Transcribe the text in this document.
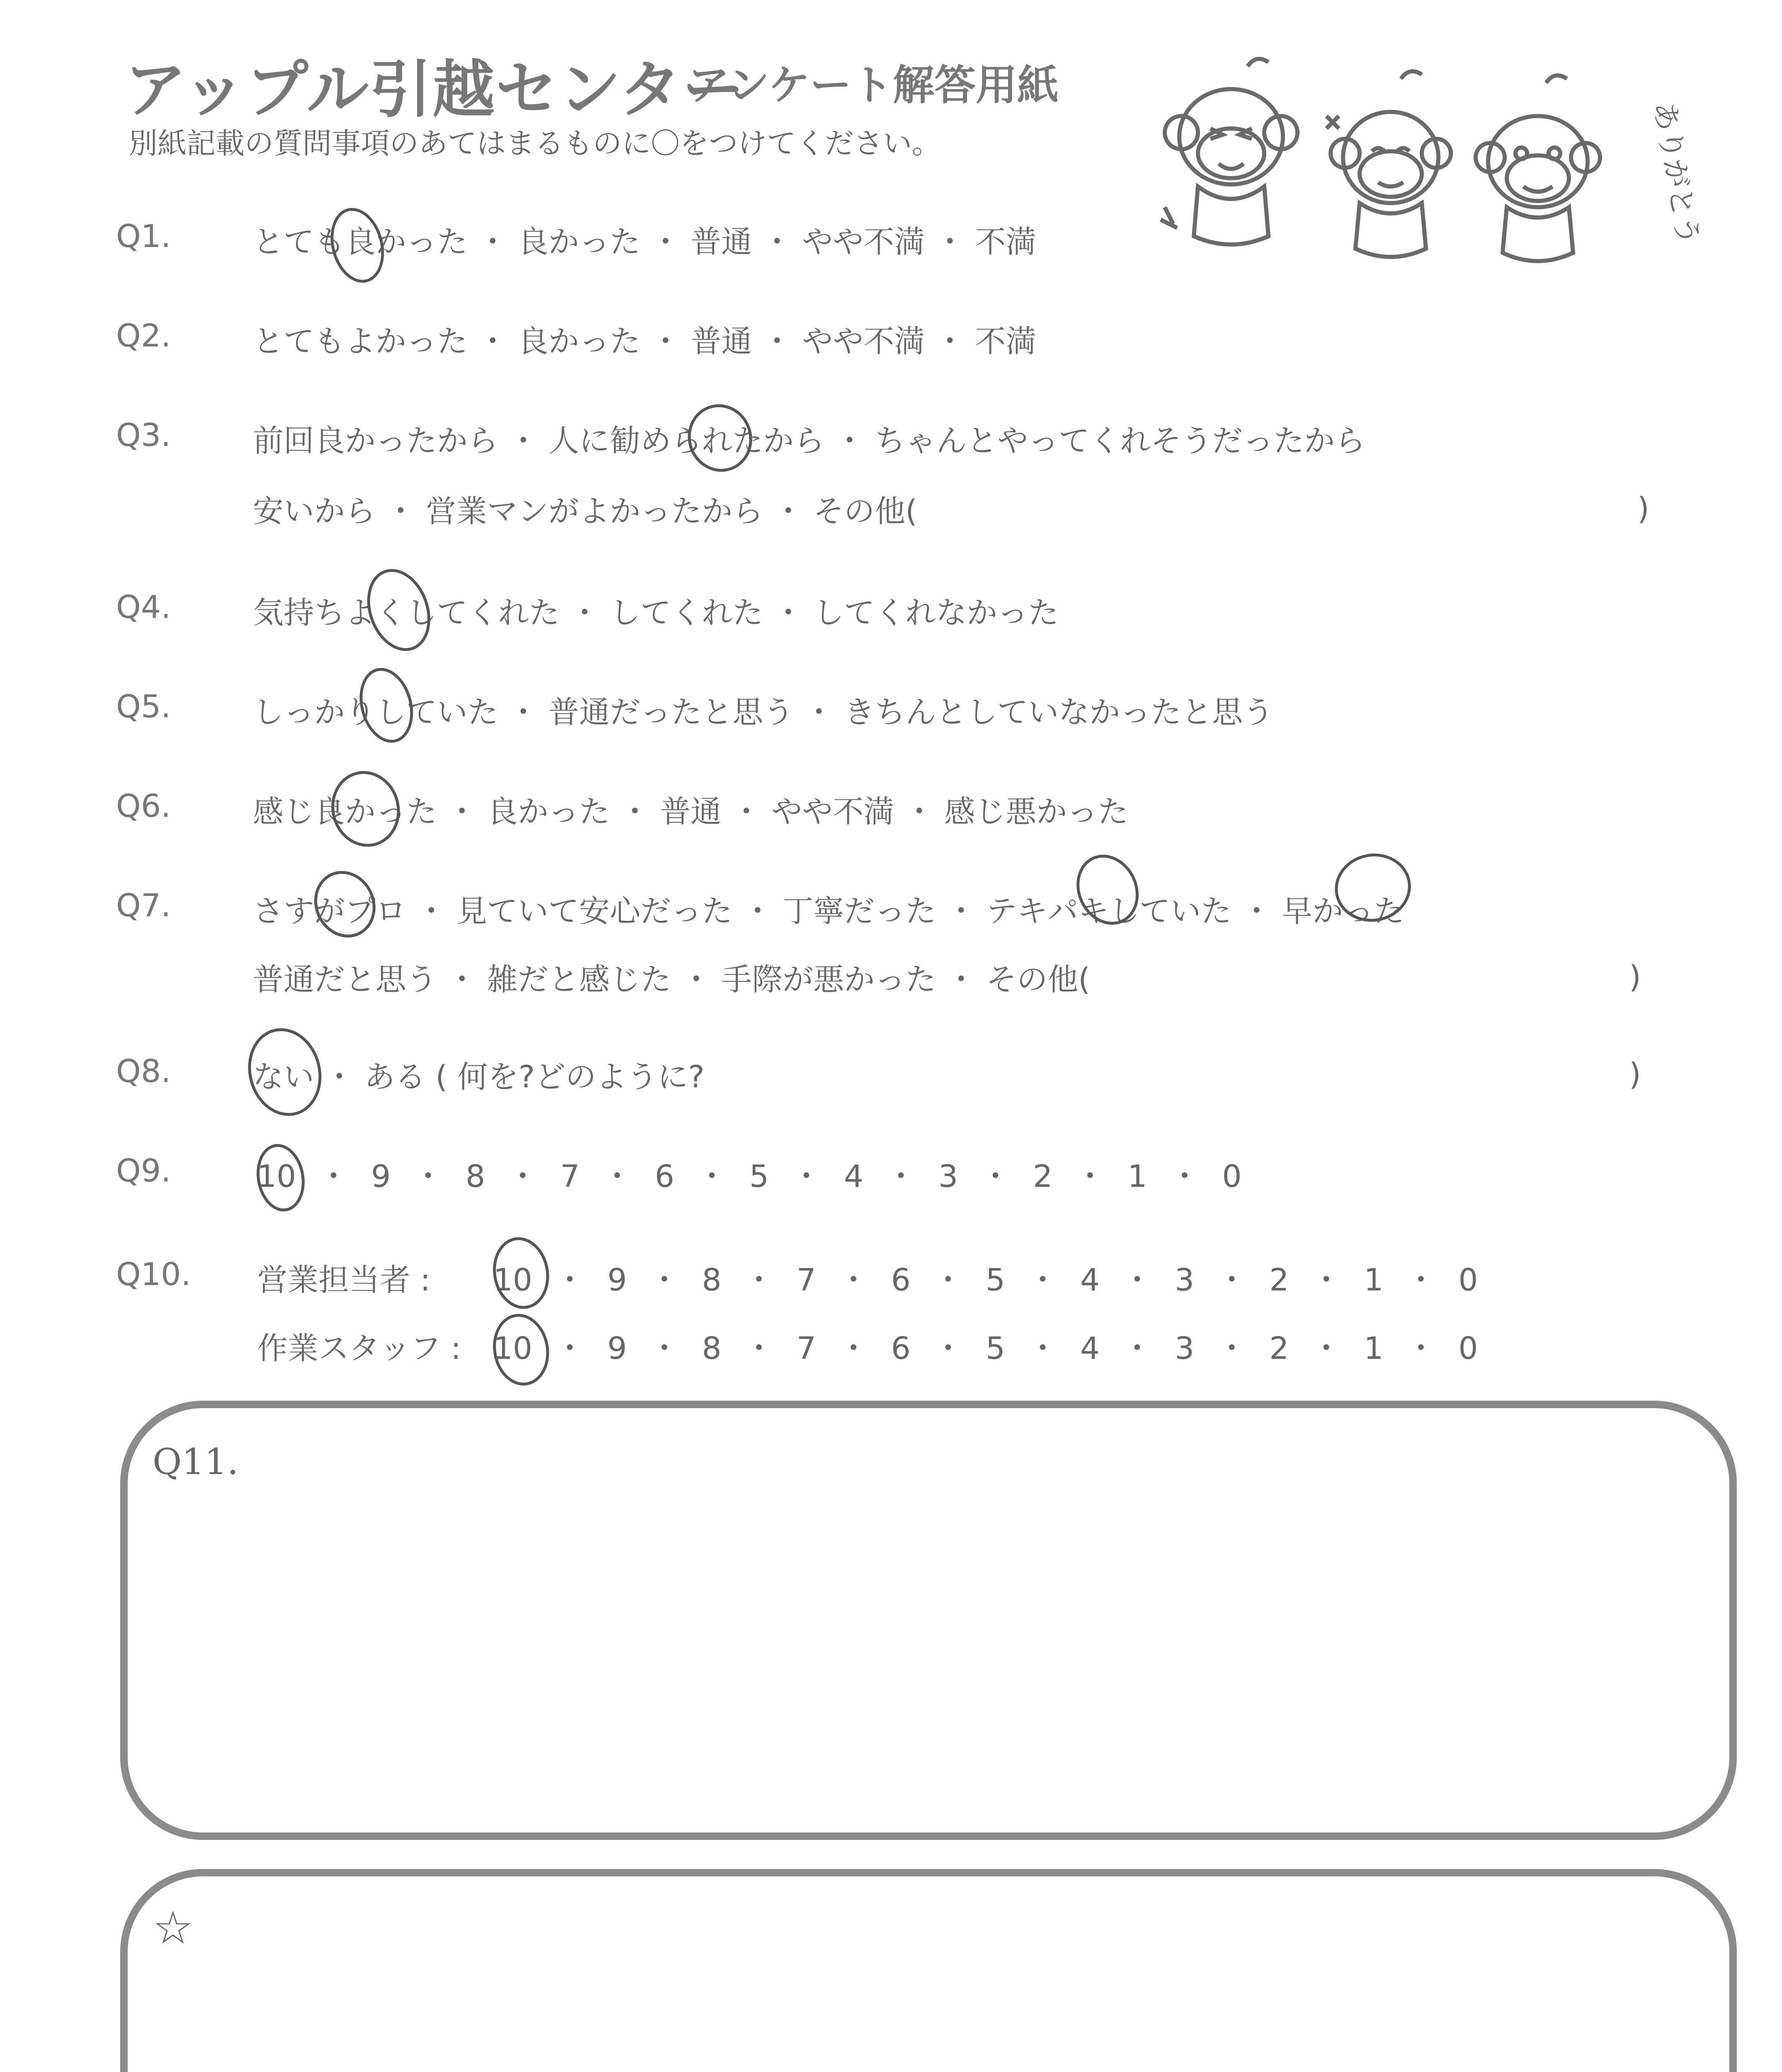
アップル引越センター
アンケート解答用紙
別紙記載の質問事項のあてはまるものに〇をつけてください。	ありがとう
Q1.	とても良かった ・ 良かった ・ 普通 ・ やや不満 ・ 不満
Q2.	とてもよかった ・ 良かった ・ 普通 ・ やや不満 ・ 不満
Q3.	前回良かったから ・ 人に勧められたから ・ ちゃんとやってくれそうだったから
安いから ・ 営業マンがよかったから ・ その他(	)
Q4.	気持ちよくしてくれた ・ してくれた ・ してくれなかった
Q5.	しっかりしていた ・ 普通だったと思う ・ きちんとしていなかったと思う
Q6.	感じ良かった ・ 良かった ・ 普通 ・ やや不満 ・ 感じ悪かった
Q7.	さすがプロ ・ 見ていて安心だった ・ 丁寧だった ・ テキパキしていた ・ 早かった
普通だと思う ・ 雑だと感じた ・ 手際が悪かった ・ その他(	)
Q8.	ない ・ ある ( 何を?どのように?	)
Q9.	10 ・ 9 ・ 8 ・ 7 ・ 6 ・ 5 ・ 4 ・ 3 ・ 2 ・ 1 ・ 0
Q10. 営業担当者 : 10 ・ 9 ・ 8 ・ 7 ・ 6 ・ 5 ・ 4 ・ 3 ・ 2 ・ 1 ・ 0
作業スタッフ : 10 ・ 9 ・ 8 ・ 7 ・ 6 ・ 5 ・ 4 ・ 3 ・ 2 ・ 1 ・ 0
Q11.
☆
